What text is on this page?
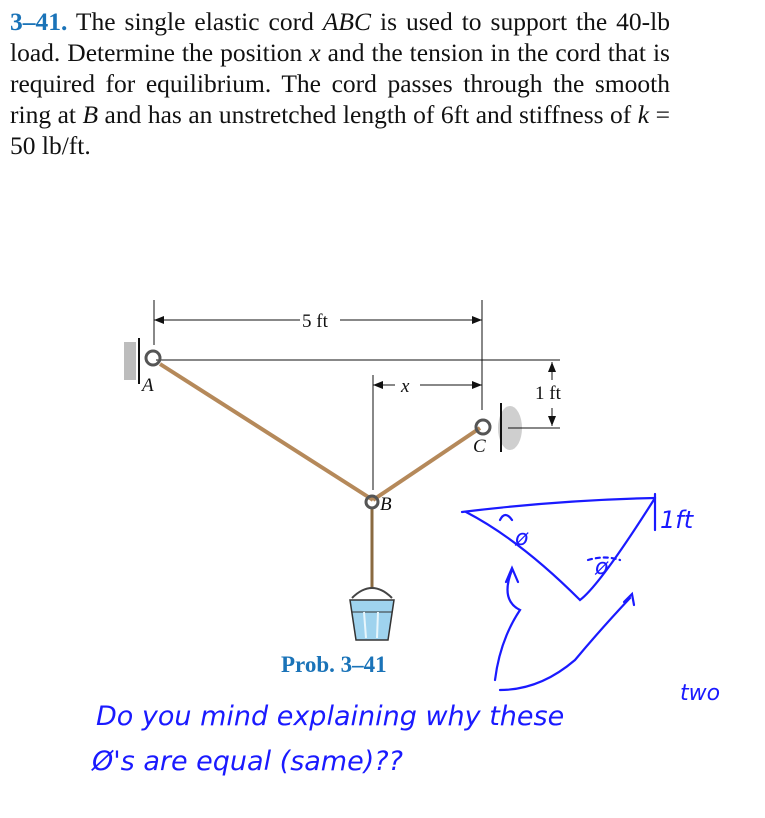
3–41. The single elastic cord ABC is used to support the 40-lb load. Determine the position x and the tension in the cord that is required for equilibrium. The cord passes through the smooth ring at B and has an unstretched length of 6ft and stiffness of k = 50 lb/ft.
A
B
C
5 ft
x	1 ft
Prob. 3–41
1ft
ø
ø
Do you mind explaining why these
two
Ø's are equal (same)??
